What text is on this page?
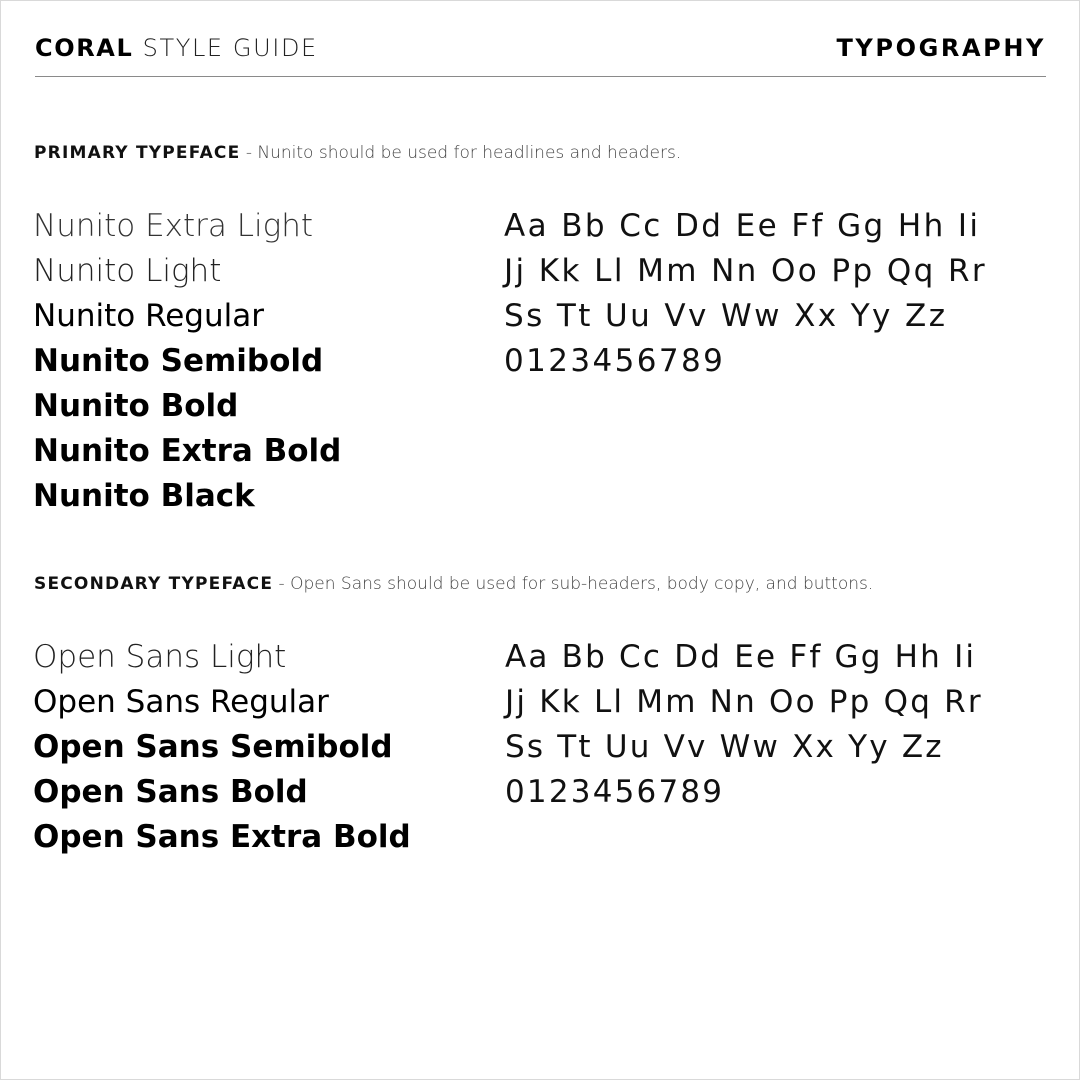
CORAL STYLE GUIDE	TYPOGRAPHY
PRIMARY TYPEFACE - Nunito should be used for headlines and headers.
Nunito Extra Light
Nunito Light
Nunito Regular
Nunito Semibold
Nunito Bold
Nunito Extra Bold
Nunito Black
Aa Bb Cc Dd Ee Ff Gg Hh Ii
Jj Kk Ll Mm Nn Oo Pp Qq Rr
Ss Tt Uu Vv Ww Xx Yy Zz
0123456789
SECONDARY TYPEFACE - Open Sans should be used for sub-headers, body copy, and buttons.
Open Sans Light
Open Sans Regular
Open Sans Semibold
Open Sans Bold
Open Sans Extra Bold
Aa Bb Cc Dd Ee Ff Gg Hh Ii
Jj Kk Ll Mm Nn Oo Pp Qq Rr
Ss Tt Uu Vv Ww Xx Yy Zz
0123456789
